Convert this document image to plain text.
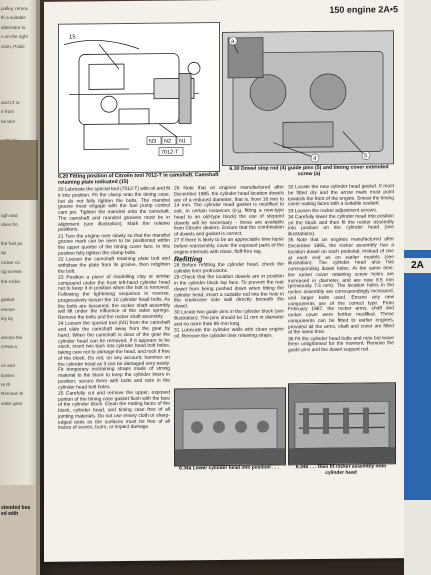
pulley, remov
th a suitable
alternator to
n on the right
ction, Positi
and LT w
e from
ne tem
ugh and
ubes fro
the fuel pu
ay.
rocker co
ng screws
the rocke
gasket
emove
ley by
amove the
crews a
ce and
loosen
re th
Remove th
valve gear
stended bea
ed with
150 engine 2A•5
15
N3 N2 N1
7012-T
6.20 Fitting position of Citroën tool 7012-T in camshaft. Camshaft retaining plate indicated (15)
a
4	5
6.30 Dowel stop rod (4) guide pins (5) and timing cover extended screw (a)

20 Lubricate the special tool (7012-T) with oil and fit it into position. Fit the clamp onto the timing case, but do not fully tighten the bolts. The mandrel groove must engage with the fuel pump control cam pin. Tighten the mandrel onto the camshaft. The camshaft and mandrel grooves must be in alignment (see illustration). Mark the relative positions.

21 Turn the engine over slowly so that the mandrel groove mark can be seen to be positioned within the upper quarter of the timing cover face. In this position fully tighten the clamp bolts.

22 Loosen the camshaft retaining plate bolt and withdraw the plate from its groove, then retighten the bolt.

23 Position a piece of modelling clay or similar compound under the front left-hand cylinder head nut to keep it in position when the bolt is removed. Following the tightening sequence in reverse, progressively loosen the 10 cylinder head bolts. As the bolts are loosened, the rocker shaft assembly will lift under the influence of the valve springs. Remove the bolts and the rocker shaft assembly.

24 Loosen the special tool (N1) from the camshaft and slide the camshaft away from the gear by hand. When the camshaft is clear of the gear the cylinder head can be removed. If it appears to be stuck, insert two bars into cylinder head bolt holes, taking care not to damage the head, and rock it free of the block. Do not, on any account, hammer on the cylinder head as it can be damaged very easily. Fit temporary restraining straps made of strong material to the block to keep the cylinder liners in position; secure them with bolts and nuts in the cylinder head bolt holes.

25 Carefully cut and remove the upper, exposed portion of the timing case gasket flush with the face of the cylinder block. Clean the mating faces of the block, cylinder head, and timing case free of all jointing materials. Do not use emery cloth or sharp-edged tools as the surfaces must be free of all traces of scores, burrs, or impact damage.

26 Note that on engines manufactured after December 1985, the cylinder head location dowels are of a reduced diameter, that is, from 16 mm to 14 mm. The cylinder head gasket is modified to suit. In certain instances (e.g. fitting a new-type head to an old-type block) the use of stepped dowels will be necessary – these are available from Citroën dealers. Ensure that the combination of dowels and gasket is correct.

27 If there is likely to be an appreciable time lapse before reassembly, cover the exposed parts of the engine internals with clean, fluff-free rag.

Refitting

28 Before refitting the cylinder head, check the cylinder liner protrusions.

29 Check that the location dowels are in position in the cylinder block top face. To prevent the rear dowel from being pushed down when fitting the cylinder head, insert a suitable rod into the hole in the crankcase side wall directly beneath the dowel.

30 Locate two guide pins in the cylinder block (see illustration). The pins should be 11 mm in diameter and no more than 95 mm long.

31 Lubricate the cylinder walls with clean engine oil. Remove the cylinder liner retaining straps.

32 Locate the new cylinder head gasket. It must be fitted dry and the arrow mark must point towards the front of the engine. Smear the timing cover mating faces with a suitable sealant.

33 Loosen the rocker adjustment screws.

34 Carefully lower the cylinder head into position on the block and then fit the rocker assembly into position on the cylinder head (see illustrations).

35 Note that on engines manufactured after December 1985, the rocker assembly has a location dowel on each pedestal, instead of one at each end as on earlier models (see illustration). The cylinder head also has corresponding dowel holes. At the same time, the rocker cover retaining screw holes are increased in diameter, and are now 8.5 mm (previously 7.5 mm). The location holes in the rocker assembly are correspondingly increased, and larger bolts used. Ensure any new components are of the correct type. From February 1987, the rocker arms, shaft and rocker cover were further modified. These components can be fitted to earlier engines, provided all the arms, shaft and cover are fitted at the same time.

36 Fit the cylinder head bolts and nuts but leave them untightened for the moment. Remove the guide pins and the dowel support rod.

6.34a Lower cylinder head into position . . .	6.34b . . . then fit rocker assembly onto cylinder head
2A
